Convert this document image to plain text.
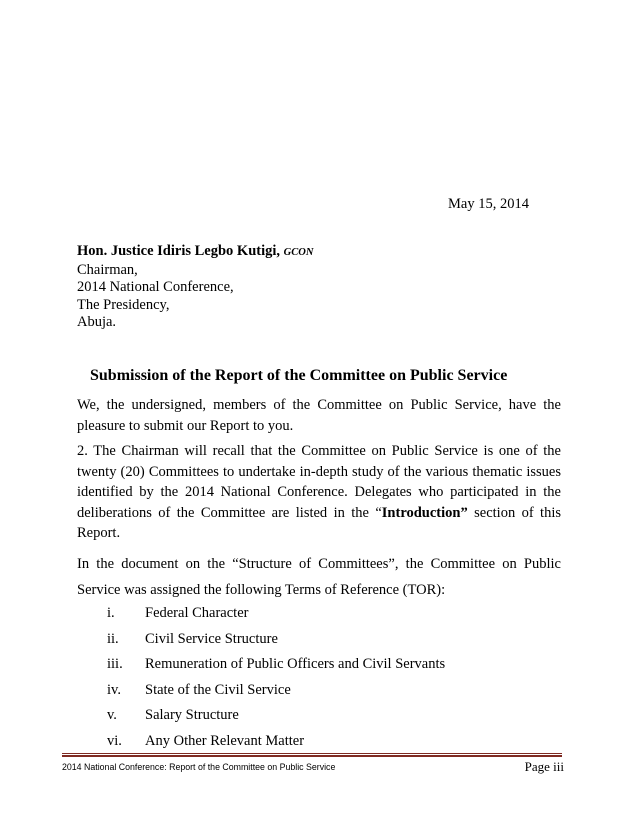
May 15, 2014
Hon. Justice Idiris Legbo Kutigi, GCON
Chairman,
2014 National Conference,
The Presidency,
Abuja.
Submission of the Report of the Committee on Public Service
We, the undersigned, members of the Committee on Public Service, have the pleasure to submit our Report to you.
2. The Chairman will recall that the Committee on Public Service is one of the twenty (20) Committees to undertake in-depth study of the various thematic issues identified by the 2014 National Conference. Delegates who participated in the deliberations of the Committee are listed in the “Introduction” section of this Report.
In the document on the “Structure of Committees”, the Committee on Public Service was assigned the following Terms of Reference (TOR):
i. Federal Character
ii. Civil Service Structure
iii. Remuneration of Public Officers and Civil Servants
iv. State of the Civil Service
v. Salary Structure
vi. Any Other Relevant Matter
2014 National Conference: Report of the Committee on Public Service	Page iii
